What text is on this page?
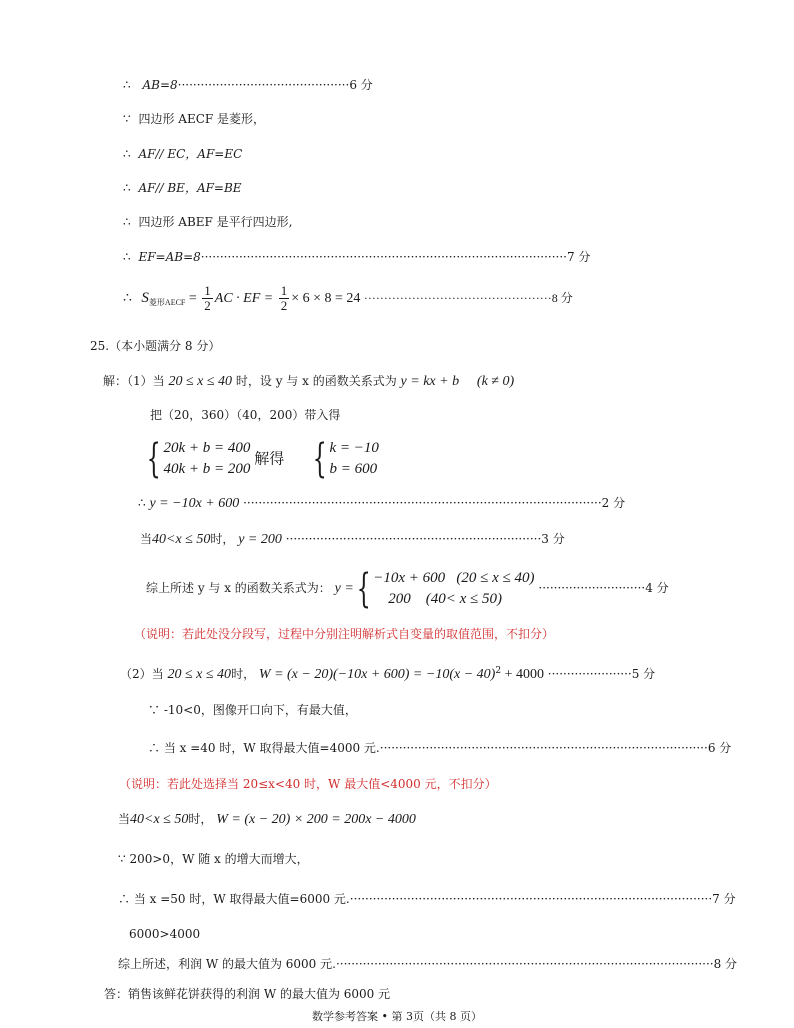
∴ AB=8·············································6 分
∵ 四边形 AECF 是菱形，
∴ AF// EC，AF=EC
∴ AF// BE，AF=BE
∴ 四边形 ABEF 是平行四边形,
∴ EF=AB=8································································································7 分
∴ $S_{菱形AECF} = \frac{1}{2}$ AC · EF = $\frac{1}{2} \times 6 \times 8 = 24 \cdot\cdot\cdot\cdot\cdot\cdot\cdot\cdot\cdot\cdot\cdot\cdot\cdot\cdot\cdot\cdot\cdot\cdot\cdot\cdot\cdot\cdot\cdot\cdot\cdot\cdot\cdot\cdot\cdot\cdot\cdot\cdot\cdot\cdot\cdot\cdot\cdot\cdot\cdot\cdot\cdot\cdot\cdot\cdot\cdot\cdot\cdot 8$ 分
25.（本小题满分 8 分）
解：（1）当 20 ≤ x ≤ 40 时，设 y 与 x 的函数关系式为 y = kx + b (k ≠ 0)
把（20，360）（40，200）带入得
{ 20k + b = 400
40k + b = 200
解得 { k = −10
b = 600
∴ y = −10x + 600 ······························································································2 分
当40<x ≤ 50时， y = 200 ···································································3 分
综上所述 y 与 x 的函数关系式为： y ={ −10x + 600 (20 ≤ x ≤ 40)
200 (40< x ≤ 50)
····························4 分
（说明：若此处没分段写，过程中分别注明解析式自变量的取值范围，不扣分）
（2）当 20 ≤ x ≤ 40时， $W = (x - 20)(-10x + 600) = -10(x - 40)^2 + 4000 \cdot\cdot\cdot\cdot\cdot\cdot\cdot\cdot\cdot\cdot\cdot\cdot\cdot\cdot\cdot\cdot\cdot\cdot\cdot\cdot\cdot\cdot 5$ 分
∵ -10<0，图像开口向下，有最大值，
∴ 当 x =40 时，W 取得最大值=4000 元.······················································································6 分
（说明：若此处选择当 20≤x<40 时，W 最大值<4000 元，不扣分）
当40<x ≤ 50时， W = (x − 20) × 200 = 200x − 4000
∵ 200>0，W 随 x 的增大而增大，
∴ 当 x =50 时，W 取得最大值=6000 元.·······························································································7 分
6000>4000
综上所述，利润 W 的最大值为 6000 元.···································································································8 分
答：销售该鲜花饼获得的利润 W 的最大值为 6000 元
数学参考答案 • 第 3页（共 8 页）
